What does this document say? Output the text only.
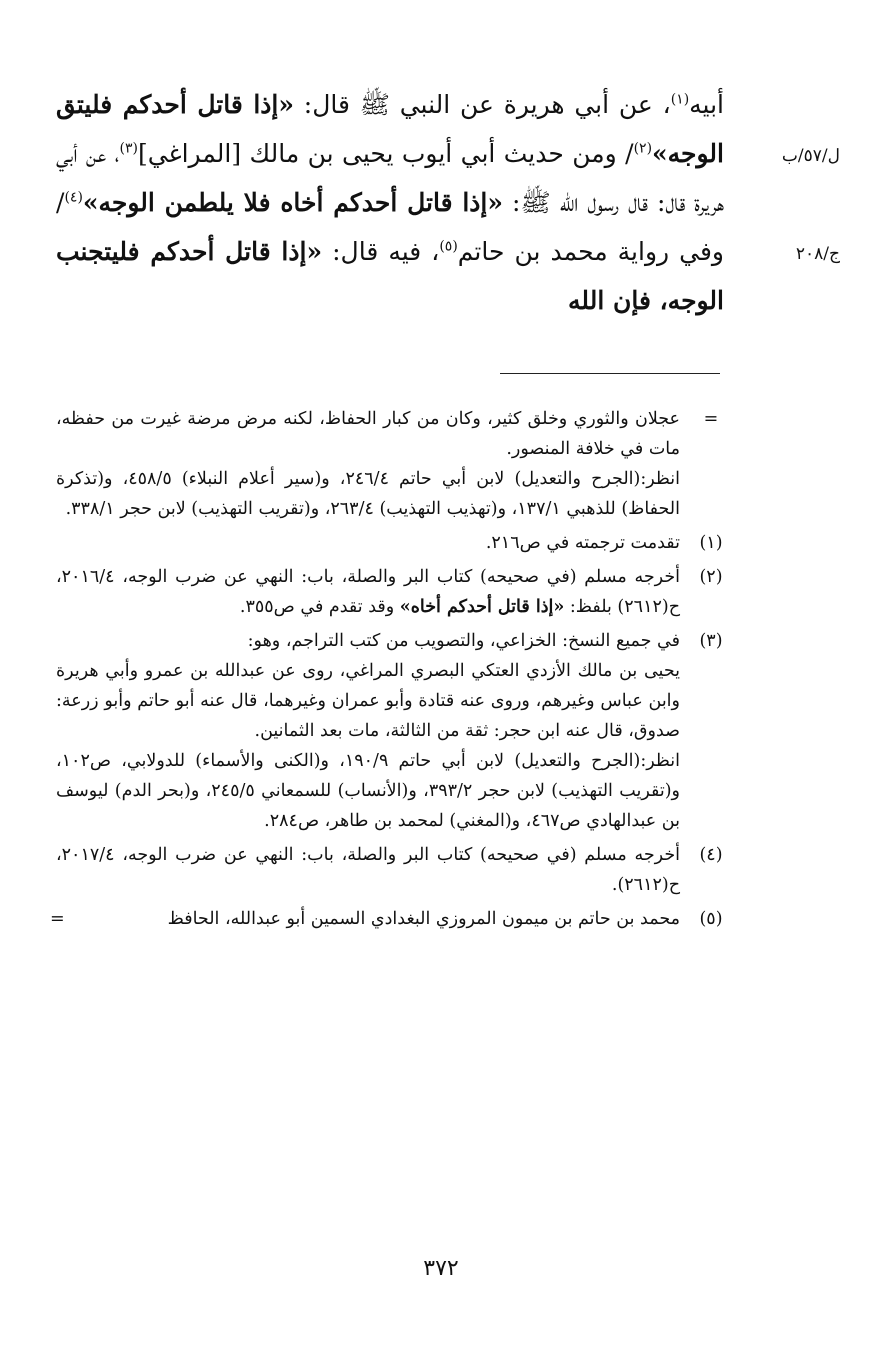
أبيه$^{(١)}$، عن أبي هريرة عن النبي ﷺ قال: «إذا قاتل أحدكم فليتق الوجه»$^{(٢)}$/ ومن حديث أبي أيوب يحيى بن مالك [المراغي]$^{(٣)}$، عن أبي هريرة قال: قال رسول الله ﷺ: «إذا قاتل أحدكم أخاه فلا يلطمن الوجه»$^{(٤)}$/ وفي رواية محمد بن حاتم$^{(٥)}$، فيه قال: «إذا قاتل أحدكم فليتجنب الوجه، فإن الله

ل/٥٧/ب
ج/٢٠٨
=
عجلان والثوري وخلق كثير، وكان من كبار الحفاظ، لكنه مرض مرضة غيرت من حفظه، مات في خلافة المنصور.
انظر:(الجرح والتعديل) لابن أبي حاتم ٢٤٦/٤، و(سير أعلام النبلاء) ٤٥٨/٥، و(تذكرة الحفاظ) للذهبي ١٣٧/١، و(تهذيب التهذيب) ٢٦٣/٤، و(تقريب التهذيب) لابن حجر ٣٣٨/١.
(١)
تقدمت ترجمته في ص٢١٦.
(٢)
أخرجه مسلم (في صحيحه) كتاب البر والصلة، باب: النهي عن ضرب الوجه، ٢٠١٦/٤، ح(٢٦١٢) بلفظ: «إذا قاتل أحدكم أخاه» وقد تقدم في ص٣٥٥.
(٣)
في جميع النسخ: الخزاعي، والتصويب من كتب التراجم، وهو:
يحيى بن مالك الأزدي العتكي البصري المراغي، روى عن عبدالله بن عمرو وأبي هريرة وابن عباس وغيرهم، وروى عنه قتادة وأبو عمران وغيرهما، قال عنه أبو حاتم وأبو زرعة: صدوق، قال عنه ابن حجر: ثقة من الثالثة، مات بعد الثمانين.
انظر:(الجرح والتعديل) لابن أبي حاتم ١٩٠/٩، و(الكنى والأسماء) للدولابي، ص١٠٢، و(تقريب التهذيب) لابن حجر ٣٩٣/٢، و(الأنساب) للسمعاني ٢٤٥/٥، و(بحر الدم) ليوسف بن عبدالهادي ص٤٦٧، و(المغني) لمحمد بن طاهر، ص٢٨٤.
(٤)
أخرجه مسلم (في صحيحه) كتاب البر والصلة، باب: النهي عن ضرب الوجه، ٢٠١٧/٤، ح(٢٦١٢).
(٥)
محمد بن حاتم بن ميمون المروزي البغدادي السمين أبو عبدالله، الحافظ
=
٣٧٢
